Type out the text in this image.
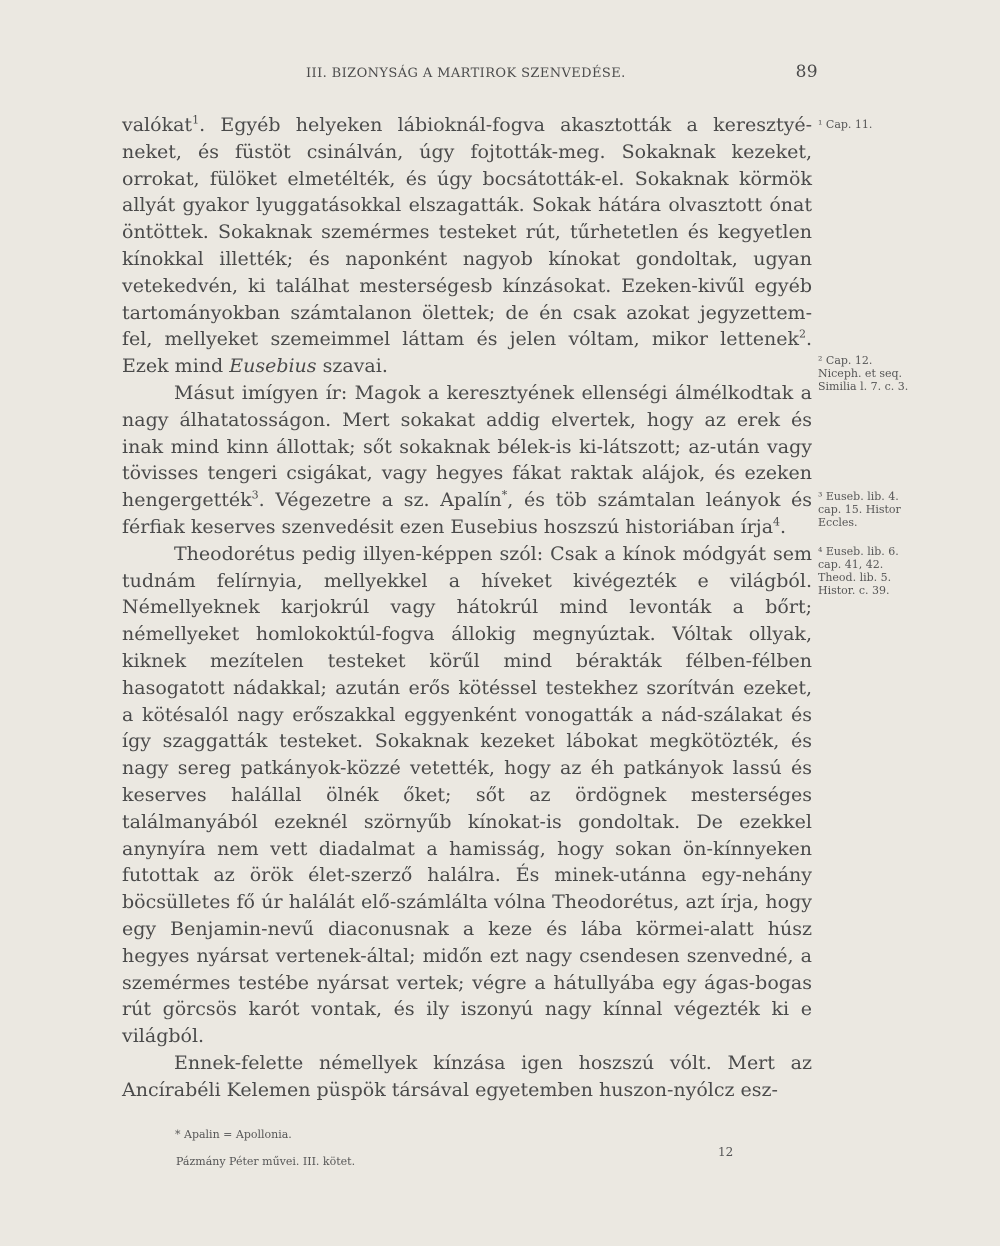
III. BIZONYSÁG A MARTIROK SZENVEDÉSE.	89

valókat$^1$. Egyéb helyeken lábioknál-fogva akasztották a keresztyé-neket, és füstöt csinálván, úgy fojtották-meg. Sokaknak kezeket, orrokat, fülöket elmetélték, és úgy bocsátották-el. Sokaknak körmök allyát gyakor lyuggatásokkal elszagatták. Sokak hátára olvasztott ónat öntöttek. Sokaknak szemérmes testeket rút, tűrhetetlen és kegyetlen kínokkal illették; és naponként nagyob kínokat gondoltak, ugyan vetekedvén, ki találhat mesterségesb kínzásokat. Ezeken-kivűl egyéb tartományokban számtalanon ölettek; de én csak azokat jegyzettem-fel, mellyeket szemeimmel láttam és jelen vóltam, mikor lettenek$^2$. Ezek mind Eusebius szavai.

Másut imígyen ír: Magok a keresztyének ellenségi álmélkodtak a nagy álhatatosságon. Mert sokakat addig elvertek, hogy az erek és inak mind kinn állottak; sőt sokaknak bélek-is ki-látszott; az-után vagy tövisses tengeri csigákat, vagy hegyes fákat raktak alájok, és ezeken hengergették$^3$. Végezetre a sz. Apalín*, és töb számtalan leányok és férfiak keserves szenvedésit ezen Eusebius hoszszú historiában írja$^4$.

Theodorétus pedig illyen-képpen szól: Csak a kínok módgyát sem tudnám felírnyia, mellyekkel a híveket kivégezték e világból. Némellyeknek karjokrúl vagy hátokrúl mind levonták a bőrt; némellyeket homlokoktúl-fogva állokig megnyúztak. Vóltak ollyak, kiknek mezítelen testeket körűl mind bérakták félben-félben hasogatott nádakkal; azután erős kötéssel testekhez szorítván ezeket, a kötésalól nagy erőszakkal eggyenként vonogatták a nád-szálakat és így szaggatták testeket. Sokaknak kezeket lábokat megkötözték, és nagy sereg patkányok-közzé vetették, hogy az éh patkányok lassú és keserves halállal ölnék őket; sőt az ördögnek mesterséges találmanyából ezeknél szörnyűb kínokat-is gondoltak. De ezekkel anynyíra nem vett diadalmat a hamisság, hogy sokan ön-kínnyeken futottak az örök élet-szerző halálra. És minek-utánna egy-nehány böcsülletes fő úr halálát elő-számlálta vólna Theodorétus, azt írja, hogy egy Benjamin-nevű diaconusnak a keze és lába körmei-alatt húsz hegyes nyársat vertenek-által; midőn ezt nagy csendesen szenvedné, a szemérmes testébe nyársat vertek; végre a hátullyába egy ágas-bogas rút görcsös karót vontak, és ily iszonyú nagy kínnal végezték ki e világból.

Ennek-felette némellyek kínzása igen hoszszú vólt. Mert az Ancírabéli Kelemen püspök társával egyetemben huszon-nyólcz esz-

¹ Cap. 11.
² Cap. 12. Niceph. et seq. Similia l. 7. c. 3.
³ Euseb. lib. 4. cap. 15. Histor Eccles.
⁴ Euseb. lib. 6. cap. 41, 42. Theod. lib. 5. Histor. c. 39.
* Apalin = Apollonia.
Pázmány Péter művei. III. kötet.
12
